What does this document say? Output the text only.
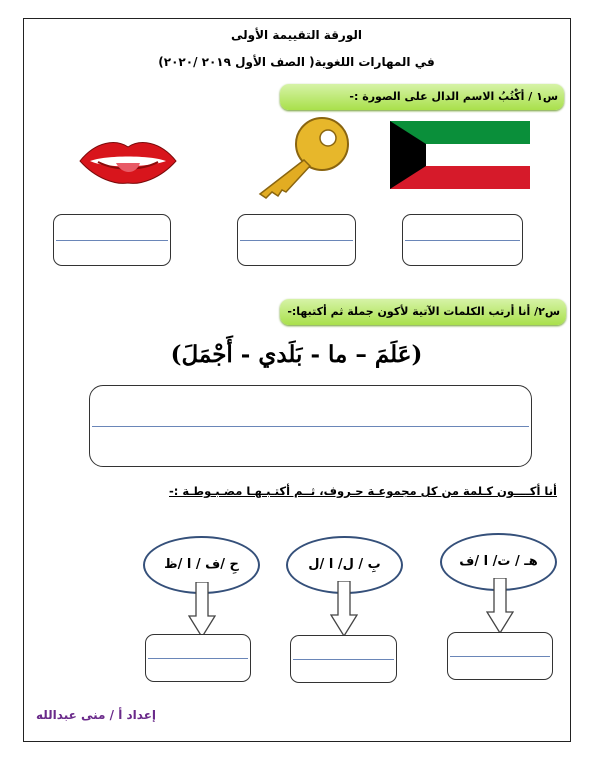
الورقة التقييمة الأولى
في المهارات اللغوية( الصف الأول ٢٠١٩ /٢٠٢٠)
س١ / أكْتُبُ الاسم الدال على الصورة :-
س٢/ أنا أرتب الكلمات الآتية لأكون جملة ثم أكتبها:-
(عَلَمَ – ما - بَلَدي - أَجْمَلَ)
أنا أكــــون كـلمة من كل مجموعـة حـروف، ثــم أكتـبـهـا مضـبـوطـة :-
هـ / ت/ ا /ف
بِ / ل/ ا /ل
حِ /ف / ا /ظ
إعداد أ / منى عبدالله
